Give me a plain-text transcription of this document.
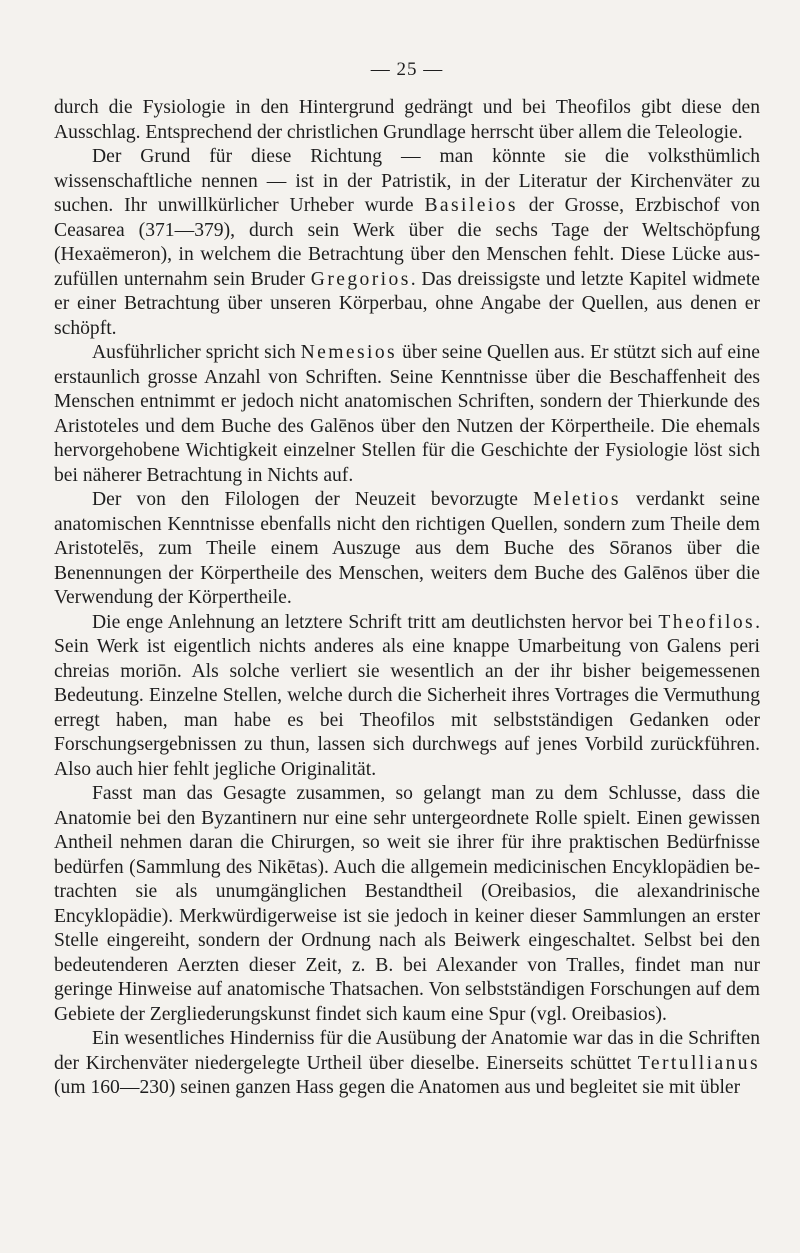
— 25 —

durch die Fysiologie in den Hintergrund gedrängt und bei Theofilos gibt diese den Ausschlag. Entsprechend der christlichen Grundlage herrscht über allem die Teleologie.

Der Grund für diese Richtung — man könnte sie die volksthümlich wissenschaftliche nennen — ist in der Patristik, in der Literatur der Kirchenväter zu suchen. Ihr unwillkürlicher Urheber wurde Basileios der Grosse, Erzbischof von Ceasarea (371—379), durch sein Werk über die sechs Tage der Weltschöpfung (Hexaëmeron), in welchem die Betrachtung über den Menschen fehlt. Diese Lücke auszufüllen unternahm sein Bruder Gregorios. Das dreissigste und letzte Kapitel widmete er einer Betrachtung über unseren Körperbau, ohne Angabe der Quellen, aus denen er schöpft.

Ausführlicher spricht sich Nemesios über seine Quellen aus. Er stützt sich auf eine erstaunlich grosse Anzahl von Schriften. Seine Kenntnisse über die Beschaffenheit des Menschen entnimmt er jedoch nicht anatomischen Schriften, sondern der Thierkunde des Aristoteles und dem Buche des Galēnos über den Nutzen der Körpertheile. Die ehemals hervorgehobene Wichtigkeit einzelner Stellen für die Geschichte der Fysiologie löst sich bei näherer Betrachtung in Nichts auf.

Der von den Filologen der Neuzeit bevorzugte Meletios verdankt seine anatomischen Kenntnisse ebenfalls nicht den richtigen Quellen, sondern zum Theile dem Aristotelēs, zum Theile einem Auszuge aus dem Buche des Sōranos über die Benennungen der Körpertheile des Menschen, weiters dem Buche des Galēnos über die Verwendung der Körpertheile.

Die enge Anlehnung an letztere Schrift tritt am deutlichsten hervor bei Theofilos. Sein Werk ist eigentlich nichts anderes als eine knappe Umarbeitung von Galens peri chreias moriōn. Als solche verliert sie wesentlich an der ihr bisher beigemessenen Bedeutung. Einzelne Stellen, welche durch die Sicherheit ihres Vortrages die Vermuthung erregt haben, man habe es bei Theofilos mit selbstständigen Gedanken oder Forschungsergebnissen zu thun, lassen sich durchwegs auf jenes Vorbild zurückführen. Also auch hier fehlt jegliche Originalität.

Fasst man das Gesagte zusammen, so gelangt man zu dem Schlusse, dass die Anatomie bei den Byzantinern nur eine sehr untergeordnete Rolle spielt. Einen gewissen Antheil nehmen daran die Chirurgen, so weit sie ihrer für ihre praktischen Bedürfnisse bedürfen (Sammlung des Nikētas). Auch die allgemein medicinischen Encyklopädien betrachten sie als unumgänglichen Bestandtheil (Oreibasios, die alexandrinische Encyklopädie). Merkwürdigerweise ist sie jedoch in keiner dieser Sammlungen an erster Stelle eingereiht, sondern der Ordnung nach als Beiwerk eingeschaltet. Selbst bei den bedeutenderen Aerzten dieser Zeit, z. B. bei Alexander von Tralles, findet man nur geringe Hinweise auf anatomische Thatsachen. Von selbstständigen Forschungen auf dem Gebiete der Zergliederungskunst findet sich kaum eine Spur (vgl. Oreibasios).

Ein wesentliches Hinderniss für die Ausübung der Anatomie war das in die Schriften der Kirchenväter niedergelegte Urtheil über dieselbe. Einerseits schüttet Tertullianus (um 160—230) seinen ganzen Hass gegen die Anatomen aus und begleitet sie mit übler
